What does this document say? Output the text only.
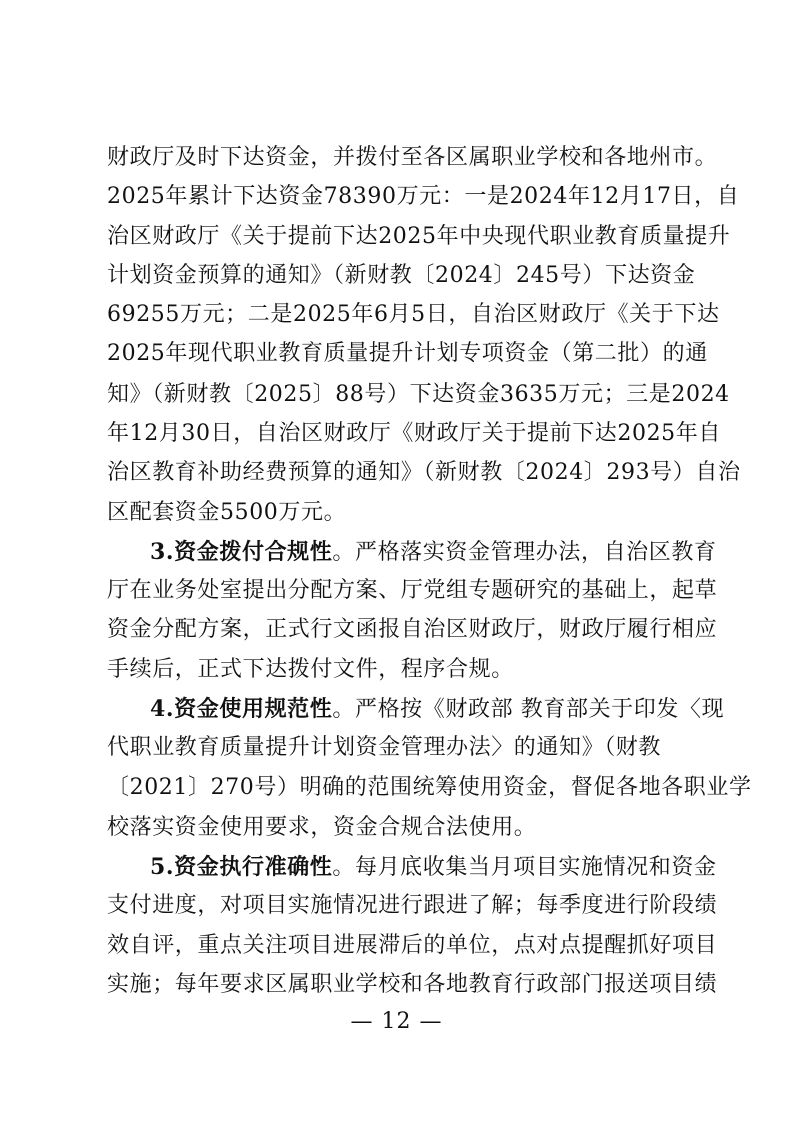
财政厅及时下达资金，并拨付至各区属职业学校和各地州市。
2025年累计下达资金78390万元：一是2024年12月17日，自
治区财政厅《关于提前下达2025年中央现代职业教育质量提升
计划资金预算的通知》（新财教〔2024〕245号）下达资金
69255万元；二是2025年6月5日，自治区财政厅《关于下达
2025年现代职业教育质量提升计划专项资金（第二批）的通
知》（新财教〔2025〕88号）下达资金3635万元；三是2024
年12月30日，自治区财政厅《财政厅关于提前下达2025年自
治区教育补助经费预算的通知》（新财教〔2024〕293号）自治
区配套资金5500万元。
3.资金拨付合规性。严格落实资金管理办法，自治区教育
厅在业务处室提出分配方案、厅党组专题研究的基础上，起草
资金分配方案，正式行文函报自治区财政厅，财政厅履行相应
手续后，正式下达拨付文件，程序合规。
4.资金使用规范性。严格按《财政部 教育部关于印发〈现
代职业教育质量提升计划资金管理办法〉的通知》（财教
〔2021〕270号）明确的范围统筹使用资金，督促各地各职业学
校落实资金使用要求，资金合规合法使用。
5.资金执行准确性。每月底收集当月项目实施情况和资金
支付进度，对项目实施情况进行跟进了解；每季度进行阶段绩
效自评，重点关注项目进展滞后的单位，点对点提醒抓好项目
实施；每年要求区属职业学校和各地教育行政部门报送项目绩
— 12 —
